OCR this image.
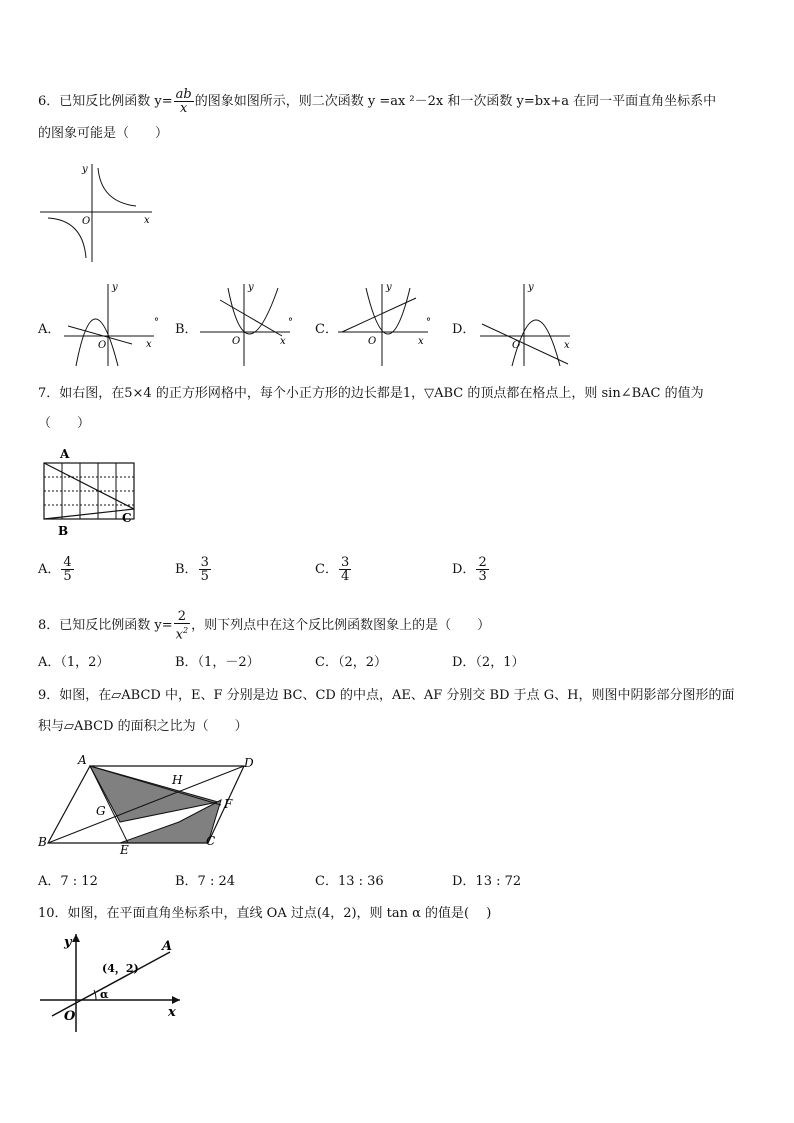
6．已知反比例函数 $y= \frac{ab}{x}$ 的图象如图所示，则二次函数 y =ax ²－2x 和一次函数 y=bx+a 在同一平面直角坐标系中
的图象可能是（　　）
y
x
O
A．
y
x
O
° B．
y
x
O
° C．
y
x
O
° D．
y
x
O
7．如右图，在5×4 的正方形网格中，每个小正方形的边长都是1，▽ABC 的顶点都在格点上，则 sin∠BAC 的值为
（　　）
A
B
C
A． $\frac{4}{5}$	B． $\frac{3}{5}$	C． $\frac{3}{4}$	D． $\frac{2}{3}$
8．已知反比例函数 $y= \frac{2}{x^2}$ ，则下列点中在这个反比例函数图象上的是（　　）
A．（1，2）	B．（1，－2）	C．（2，2）	D．（2，1）
9．如图，在▱ABCD 中，E、F 分别是边 BC、CD 的中点，AE、AF 分别交 BD 于点 G、H，则图中阴影部分图形的面
积与▱ABCD 的面积之比为（　　）
A	D
H
F
G
B
E
C
A．7 : 12	B．7 : 24	C．13 : 36	D．13 : 72
10．如图，在平面直角坐标系中，直线 OA 过点(4，2)，则 tan α 的值是(　 )
y
x
O
A
(4，2)
α
